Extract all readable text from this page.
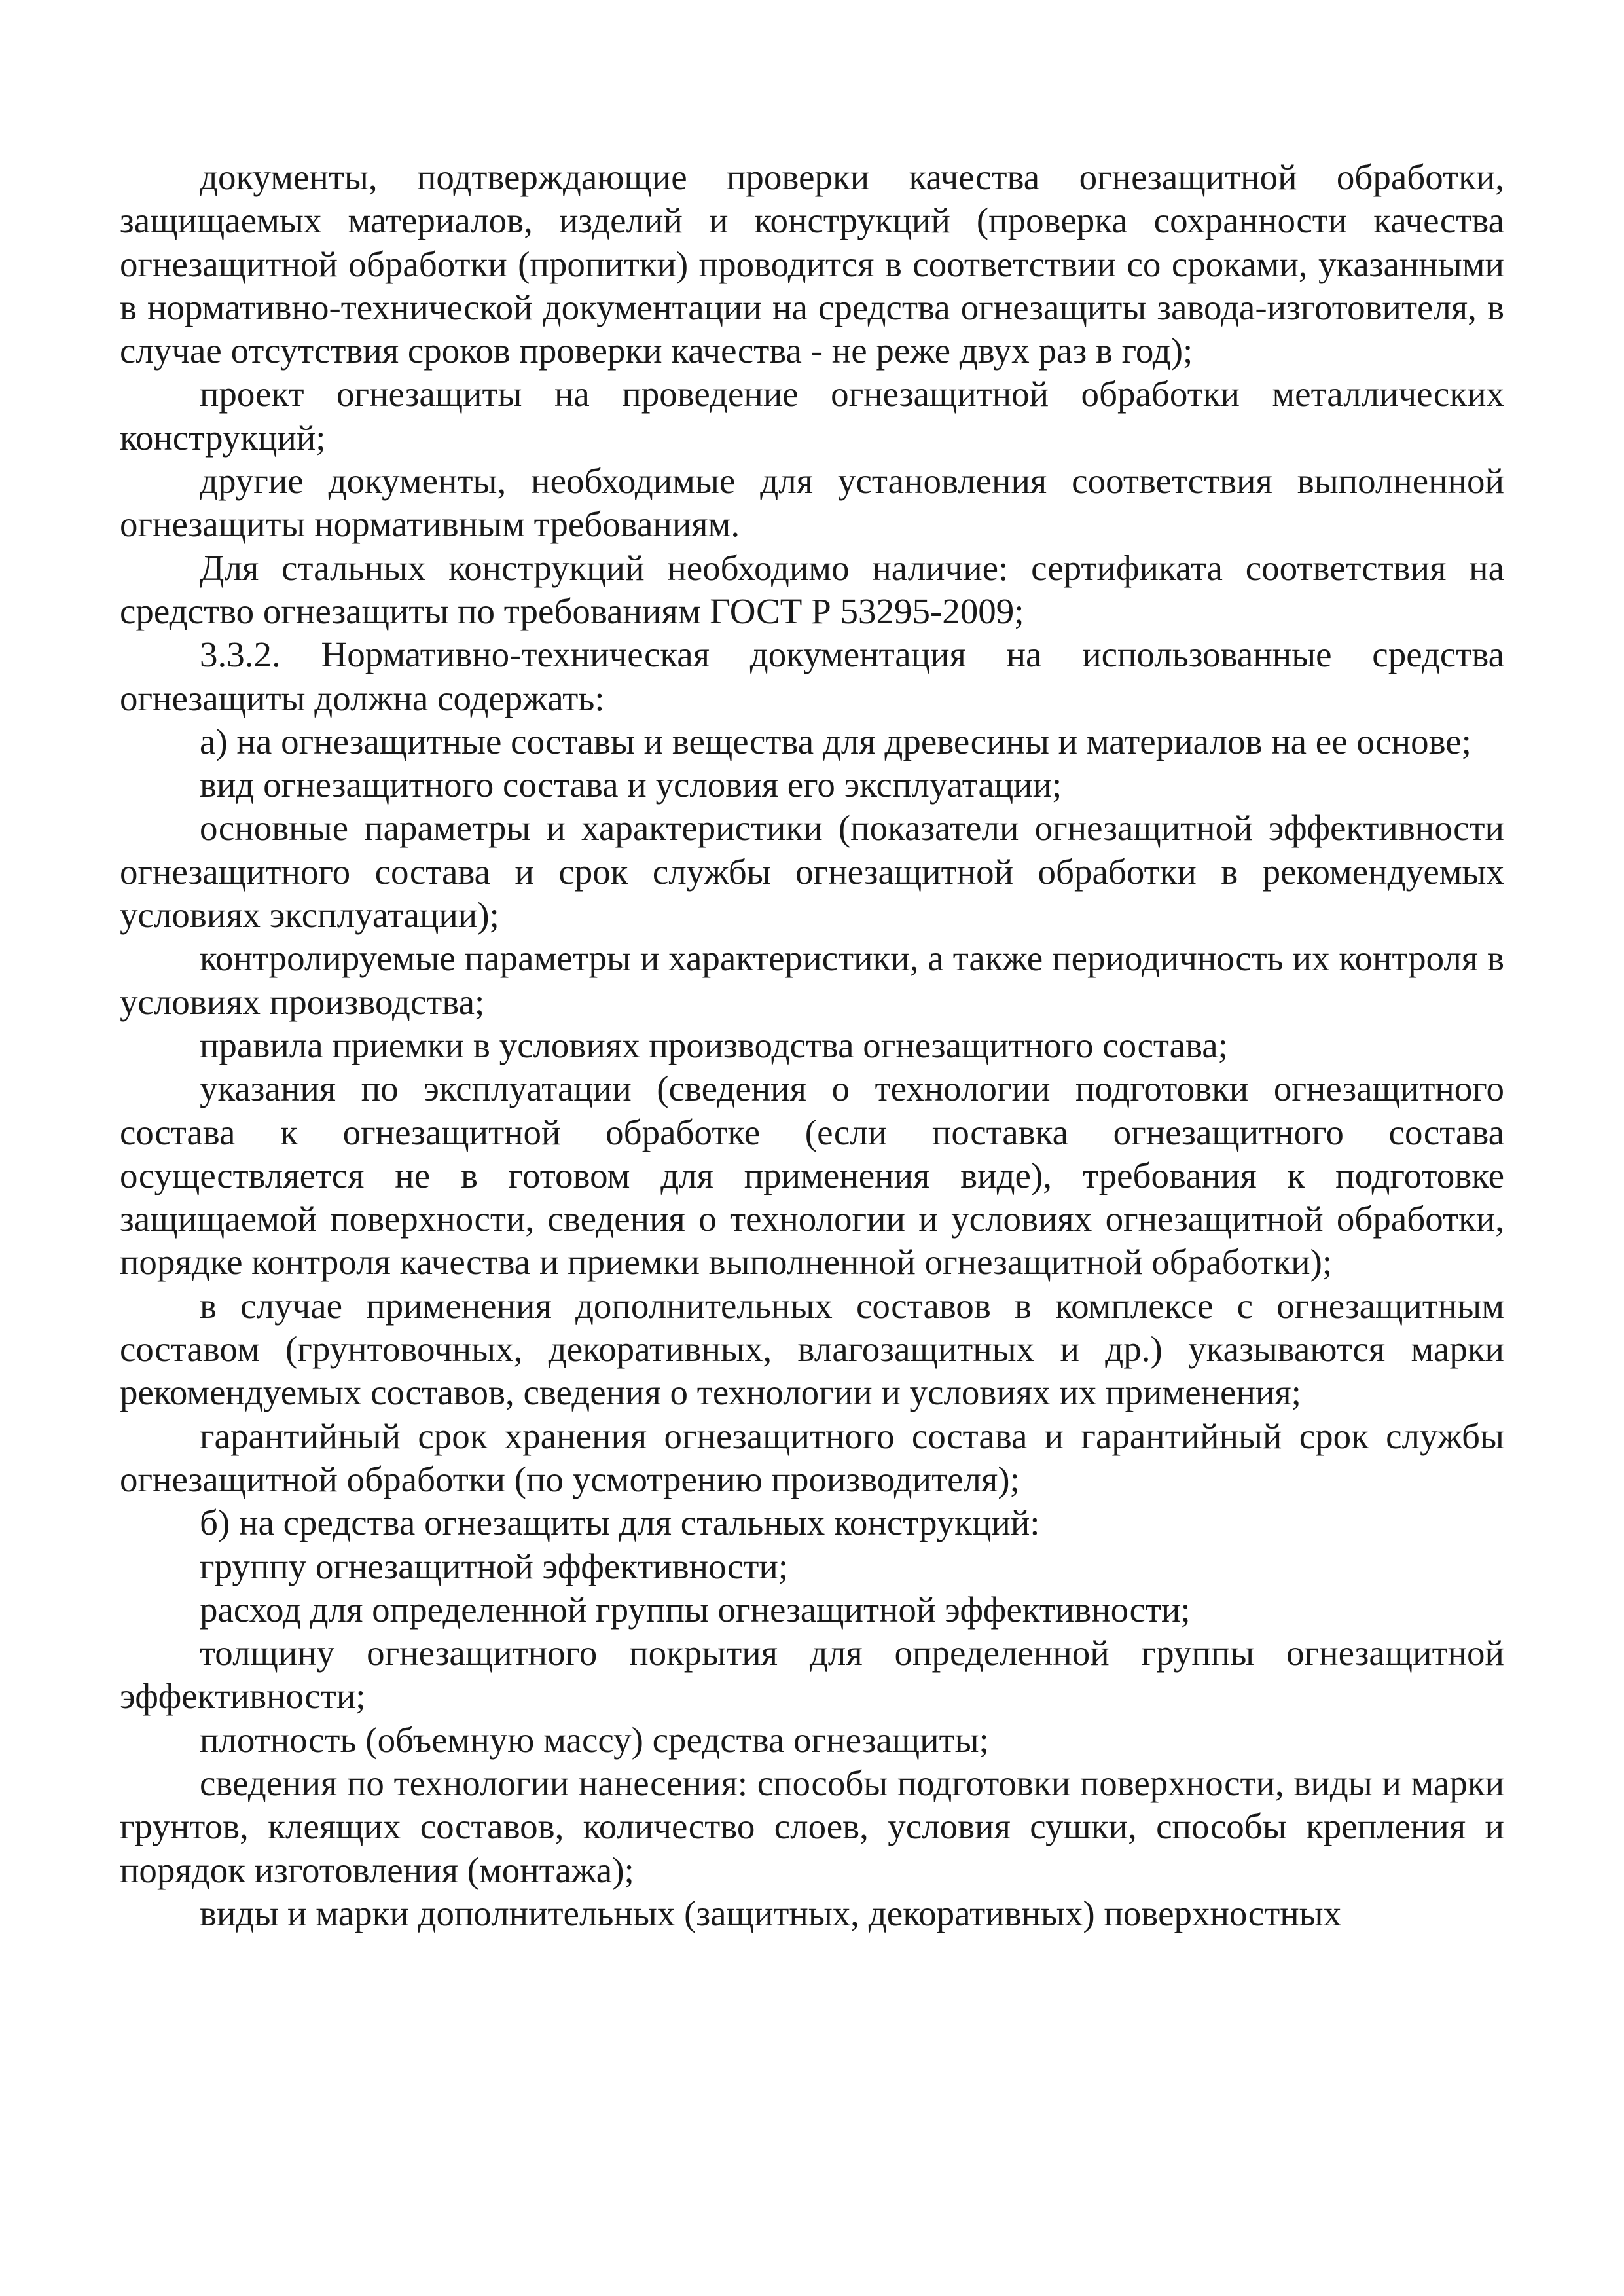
документы, подтверждающие проверки качества огнезащитной обработки, защищаемых материалов, изделий и конструкций (проверка сохранности качества огнезащитной обработки (пропитки) проводится в соответствии со сроками, указанными в нормативно-технической документации на средства огнезащиты завода-изготовителя, в случае отсутствия сроков проверки качества - не реже двух раз в год);

проект огнезащиты на проведение огнезащитной обработки металлических конструкций;

другие документы, необходимые для установления соответствия выполненной огнезащиты нормативным требованиям.

Для стальных конструкций необходимо наличие: сертификата соответствия на средство огнезащиты по требованиям ГОСТ Р 53295-2009;

3.3.2. Нормативно-техническая документация на использованные средства огнезащиты должна содержать:

а) на огнезащитные составы и вещества для древесины и материалов на ее основе;

вид огнезащитного состава и условия его эксплуатации;

основные параметры и характеристики (показатели огнезащитной эффективности огнезащитного состава и срок службы огнезащитной обработки в рекомендуемых условиях эксплуатации);

контролируемые параметры и характеристики, а также периодичность их контроля в условиях производства;

правила приемки в условиях производства огнезащитного состава;

указания по эксплуатации (сведения о технологии подготовки огнезащитного состава к огнезащитной обработке (если поставка огнезащитного состава осуществляется не в готовом для применения виде), требования к подготовке защищаемой поверхности, сведения о технологии и условиях огнезащитной обработки, порядке контроля качества и приемки выполненной огнезащитной обработки);

в случае применения дополнительных составов в комплексе с огнезащитным составом (грунтовочных, декоративных, влагозащитных и др.) указываются марки рекомендуемых составов, сведения о технологии и условиях их применения;

гарантийный срок хранения огнезащитного состава и гарантийный срок службы огнезащитной обработки (по усмотрению производителя);

б) на средства огнезащиты для стальных конструкций:

группу огнезащитной эффективности;

расход для определенной группы огнезащитной эффективности;

толщину огнезащитного покрытия для определенной группы огнезащитной эффективности;

плотность (объемную массу) средства огнезащиты;

сведения по технологии нанесения: способы подготовки поверхности, виды и марки грунтов, клеящих составов, количество слоев, условия сушки, способы крепления и порядок изготовления (монтажа);

виды и марки дополнительных (защитных, декоративных) поверхностных
